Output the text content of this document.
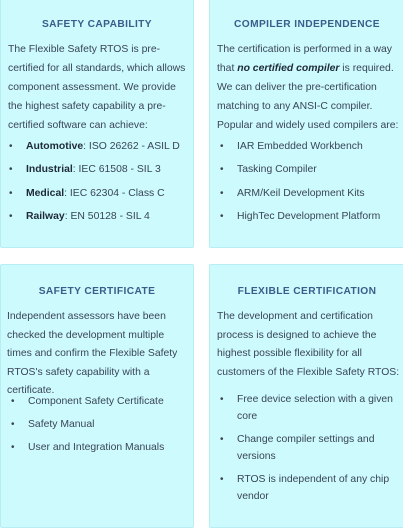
SAFETY CAPABILITY

The Flexible Safety RTOS is pre-certified for all standards, which allows component assessment. We provide the highest safety capability a pre-certified software can achieve:

• Automotive: ISO 26262 - ASIL D
• Industrial: IEC 61508 - SIL 3
• Medical: IEC 62304 - Class C
• Railway: EN 50128 - SIL 4
COMPILER INDEPENDENCE

The certification is performed in a way that no certified compiler is required. We can deliver the pre-certification matching to any ANSI-C compiler. Popular and widely used compilers are:

• IAR Embedded Workbench
• Tasking Compiler
• ARM/Keil Development Kits
• HighTec Development Platform
SAFETY CERTIFICATE

Independent assessors have been checked the development multiple times and confirm the Flexible Safety RTOS's safety capability with a certificate.

• Component Safety Certificate
• Safety Manual
• User and Integration Manuals
FLEXIBLE CERTIFICATION

The development and certification process is designed to achieve the highest possible flexibility for all customers of the Flexible Safety RTOS:

• Free device selection with a given core
• Change compiler settings and versions
• RTOS is independent of any chip vendor
